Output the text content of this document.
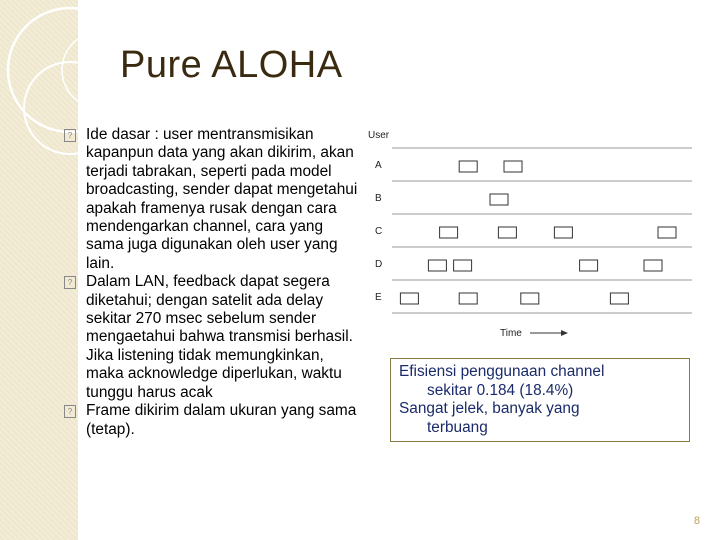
Pure ALOHA
? Ide dasar : user mentransmisikan kapanpun data yang akan dikirim, akan terjadi tabrakan, seperti pada model broadcasting, sender dapat mengetahui apakah framenya rusak dengan cara mendengarkan channel, cara yang sama juga digunakan oleh user yang lain.
? Dalam LAN, feedback dapat segera diketahui; dengan satelit ada delay sekitar 270 msec sebelum sender mengaetahui bahwa transmisi berhasil. Jika listening tidak memungkinkan, maka acknowledge diperlukan, waktu tunggu harus acak
? Frame dikirim dalam ukuran yang sama (tetap).
User
Time
A
B
C
D
E
Efisiensi penggunaan channel
sekitar 0.184 (18.4%)
Sangat jelek, banyak yang
terbuang
8
